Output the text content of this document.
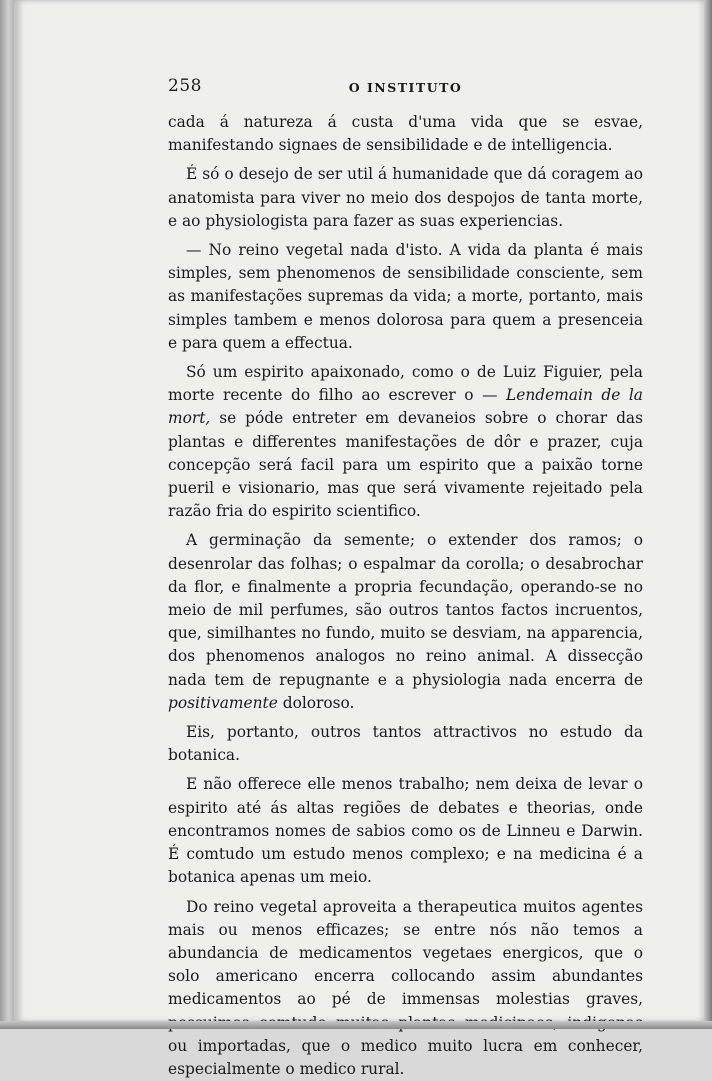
258	O INSTITUTO

cada á natureza á custa d'uma vida que se esvae, manifestando signaes de sensibilidade e de intelligencia.

É só o desejo de ser util á humanidade que dá coragem ao anatomista para viver no meio dos despojos de tanta morte, e ao physiologista para fazer as suas experiencias.

— No reino vegetal nada d'isto. A vida da planta é mais simples, sem phenomenos de sensibilidade consciente, sem as manifestações supremas da vida; a morte, portanto, mais simples tambem e menos dolorosa para quem a presenceia e para quem a effectua.

Só um espirito apaixonado, como o de Luiz Figuier, pela morte recente do filho ao escrever o — Lendemain de la mort, se póde entreter em devaneios sobre o chorar das plantas e differentes manifestações de dôr e prazer, cuja concepção será facil para um espirito que a paixão torne pueril e visionario, mas que será vivamente rejeitado pela razão fria do espirito scientifico.

A germinação da semente; o extender dos ramos; o desenrolar das folhas; o espalmar da corolla; o desabrochar da flor, e finalmente a propria fecundação, operando-se no meio de mil perfumes, são outros tantos factos incruentos, que, similhantes no fundo, muito se desviam, na apparencia, dos phenomenos analogos no reino animal. A dissecção nada tem de repugnante e a physiologia nada encerra de positivamente doloroso.

Eis, portanto, outros tantos attractivos no estudo da botanica.

E não offerece elle menos trabalho; nem deixa de levar o espirito até ás altas regiões de debates e theorias, onde encontramos nomes de sabios como os de Linneu e Darwin. É comtudo um estudo menos complexo; e na medicina é a botanica apenas um meio.

Do reino vegetal aproveita a therapeutica muitos agentes mais ou menos efficazes; se entre nós não temos a abundancia de medicamentos vegetaes energicos, que o solo americano encerra collocando assim abundantes medicamentos ao pé de immensas molestias graves, ou importadas, que o medico muito lucra em conhecer, especialmente o medico rural.
